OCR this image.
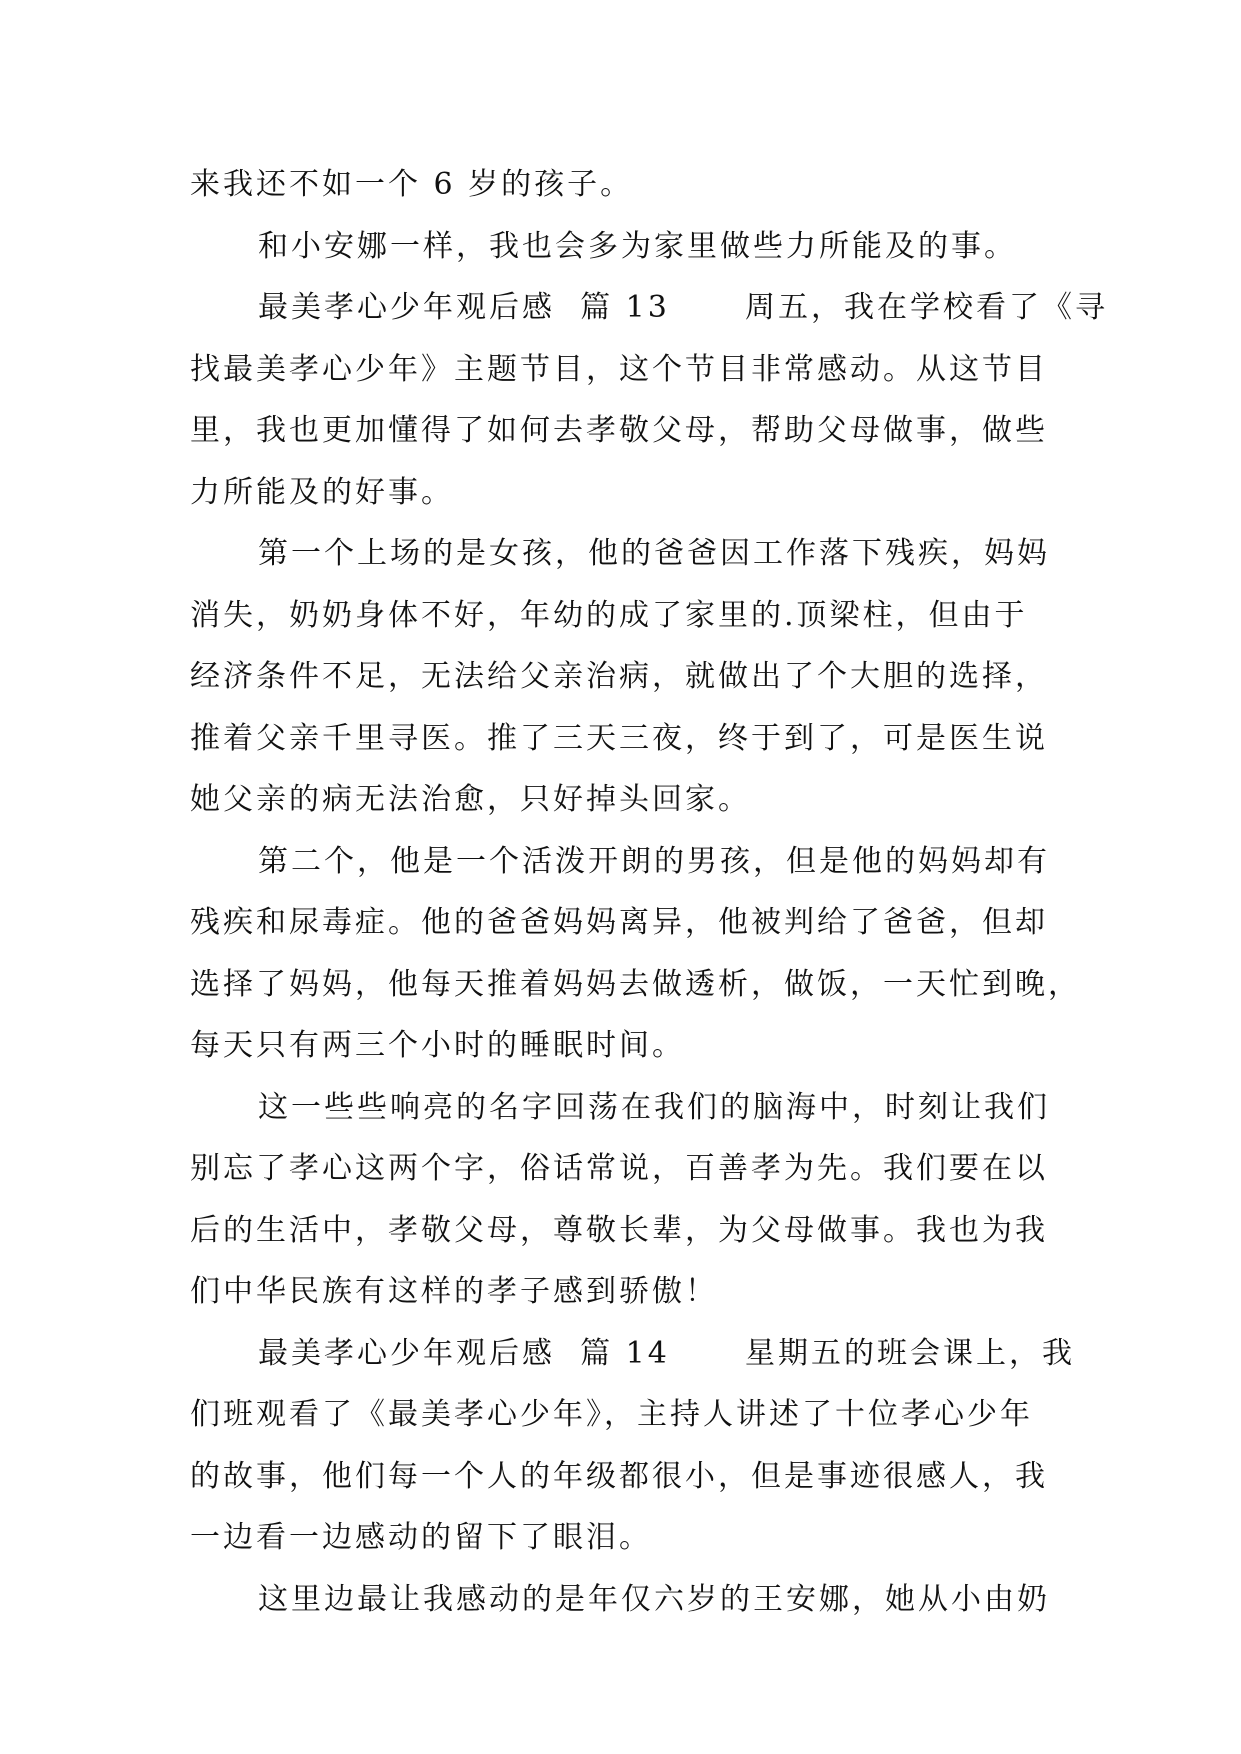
来我还不如一个 6 岁的孩子。
和小安娜一样，我也会多为家里做些力所能及的事。
最美孝心少年观后感  篇 13      周五，我在学校看了《寻
找最美孝心少年》主题节目，这个节目非常感动。从这节目
里，我也更加懂得了如何去孝敬父母，帮助父母做事，做些
力所能及的好事。
第一个上场的是女孩，他的爸爸因工作落下残疾，妈妈
消失，奶奶身体不好，年幼的成了家里的.顶梁柱，但由于
经济条件不足，无法给父亲治病，就做出了个大胆的选择，
推着父亲千里寻医。推了三天三夜，终于到了，可是医生说
她父亲的病无法治愈，只好掉头回家。
第二个，他是一个活泼开朗的男孩，但是他的妈妈却有
残疾和尿毒症。他的爸爸妈妈离异，他被判给了爸爸，但却
选择了妈妈，他每天推着妈妈去做透析，做饭，一天忙到晚，
每天只有两三个小时的睡眠时间。
这一些些响亮的名字回荡在我们的脑海中，时刻让我们
别忘了孝心这两个字，俗话常说，百善孝为先。我们要在以
后的生活中，孝敬父母，尊敬长辈，为父母做事。我也为我
们中华民族有这样的孝子感到骄傲！
最美孝心少年观后感  篇 14      星期五的班会课上，我
们班观看了《最美孝心少年》，主持人讲述了十位孝心少年
的故事，他们每一个人的年级都很小，但是事迹很感人，我
一边看一边感动的留下了眼泪。
这里边最让我感动的是年仅六岁的王安娜，她从小由奶
